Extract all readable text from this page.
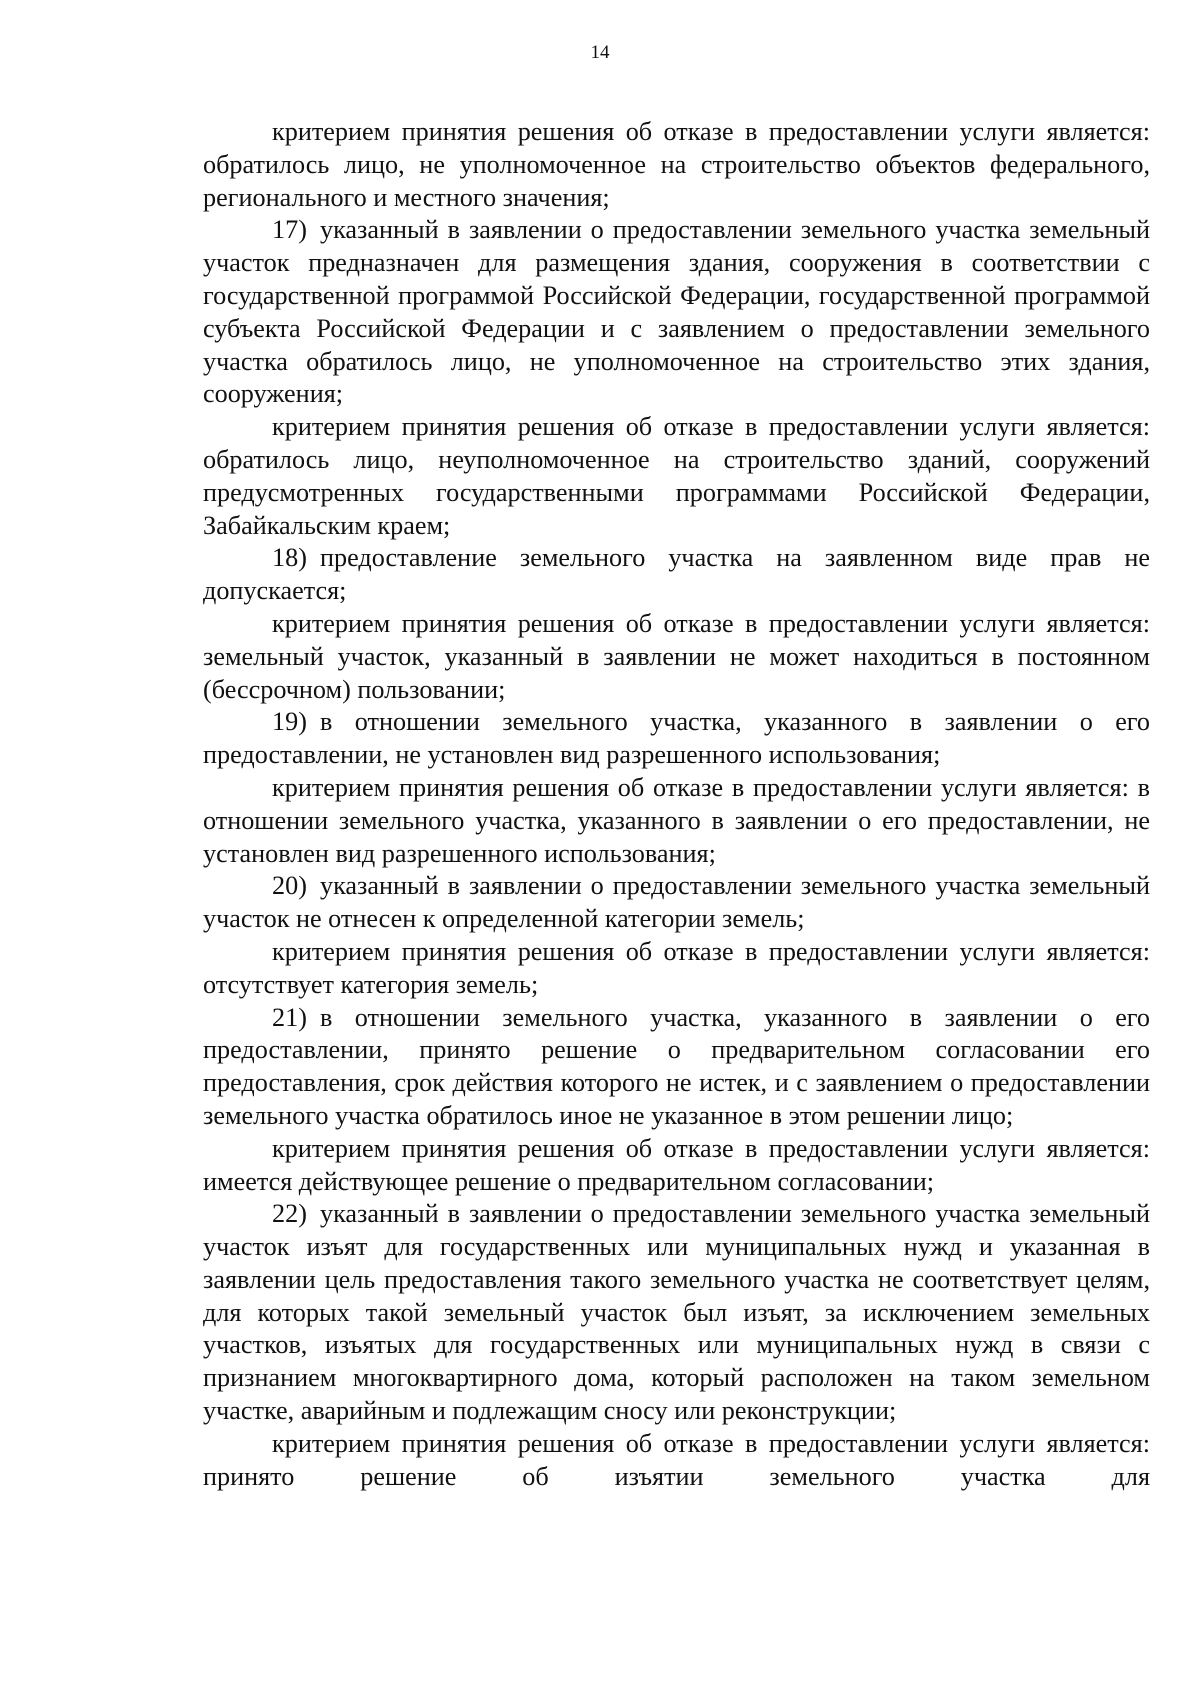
14

критерием принятия решения об отказе в предоставлении услуги является: обратилось лицо, не уполномоченное на строительство объектов федерального, регионального и местного значения;

17) указанный в заявлении о предоставлении земельного участка земельный участок предназначен для размещения здания, сооружения в соответствии с государственной программой Российской Федерации, государственной программой субъекта Российской Федерации и с заявлением о предоставлении земельного участка обратилось лицо, не уполномоченное на строительство этих здания, сооружения;

критерием принятия решения об отказе в предоставлении услуги является: обратилось лицо, неуполномоченное на строительство зданий, сооружений предусмотренных государственными программами Российской Федерации, Забайкальским краем;

18) предоставление земельного участка на заявленном виде прав не допускается;

критерием принятия решения об отказе в предоставлении услуги является: земельный участок, указанный в заявлении не может находиться в постоянном (бессрочном) пользовании;

19) в отношении земельного участка, указанного в заявлении о его предоставлении, не установлен вид разрешенного использования;

критерием принятия решения об отказе в предоставлении услуги является: в отношении земельного участка, указанного в заявлении о его предоставлении, не установлен вид разрешенного использования;

20) указанный в заявлении о предоставлении земельного участка земельный участок не отнесен к определенной категории земель;

критерием принятия решения об отказе в предоставлении услуги является: отсутствует категория земель;

21) в отношении земельного участка, указанного в заявлении о его предоставлении, принято решение о предварительном согласовании его предоставления, срок действия которого не истек, и с заявлением о предоставлении земельного участка обратилось иное не указанное в этом решении лицо;

критерием принятия решения об отказе в предоставлении услуги является: имеется действующее решение о предварительном согласовании;

22) указанный в заявлении о предоставлении земельного участка земельный участок изъят для государственных или муниципальных нужд и указанная в заявлении цель предоставления такого земельного участка не соответствует целям, для которых такой земельный участок был изъят, за исключением земельных участков, изъятых для государственных или муниципальных нужд в связи с признанием многоквартирного дома, который расположен на таком земельном участке, аварийным и подлежащим сносу или реконструкции;

критерием принятия решения об отказе в предоставлении услуги является: принято решение об изъятии земельного участка для
